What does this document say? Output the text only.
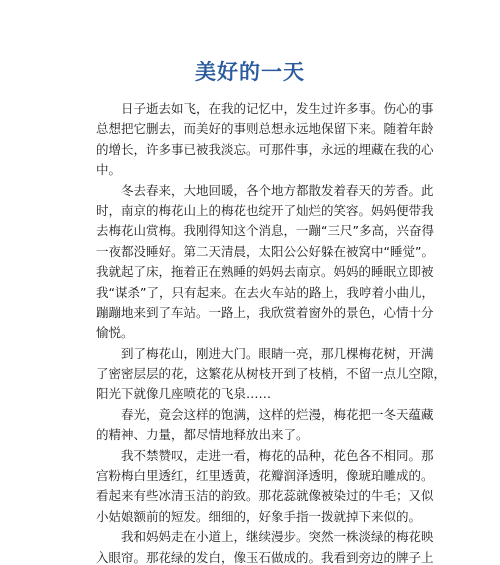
美好的一天
日子逝去如飞，在我的记忆中，发生过许多事。伤心的事
总想把它删去，而美好的事则总想永远地保留下来。随着年龄
的增长，许多事已被我淡忘。可那件事，永远的埋藏在我的心
中。
冬去春来，大地回暖，各个地方都散发着春天的芳香。此
时，南京的梅花山上的梅花也绽开了灿烂的笑容。妈妈便带我
去梅花山赏梅。我刚得知这个消息，一蹦“三尺”多高，兴奋得
一夜都没睡好。第二天清晨，太阳公公好躲在被窝中“睡觉”。
我就起了床，拖着正在熟睡的妈妈去南京。妈妈的睡眠立即被
我“谋杀”了，只有起来。在去火车站的路上，我哼着小曲儿，
蹦蹦地来到了车站。一路上，我欣赏着窗外的景色，心情十分
愉悦。
到了梅花山，刚进大门。眼睛一亮，那几棵梅花树，开满
了密密层层的花，这繁花从树枝开到了枝梢，不留一点儿空隙，
阳光下就像几座喷花的飞泉……
春光，竟会这样的饱满，这样的烂漫，梅花把一冬天蕴藏
的精神、力量，都尽情地释放出来了。
我不禁赞叹，走进一看，梅花的品种，花色各不相同。那
宫粉梅白里透红，红里透黄，花瓣润泽透明，像琥珀雕成的。
看起来有些冰清玉洁的韵致。那花蕊就像被染过的牛毛；又似
小姑娘额前的短发。细细的，好象手指一拨就掉下来似的。
我和妈妈走在小道上，继续漫步。突然一株淡绿的梅花映
入眼帘。那花绿的发白，像玉石做成的。我看到旁边的牌子上
